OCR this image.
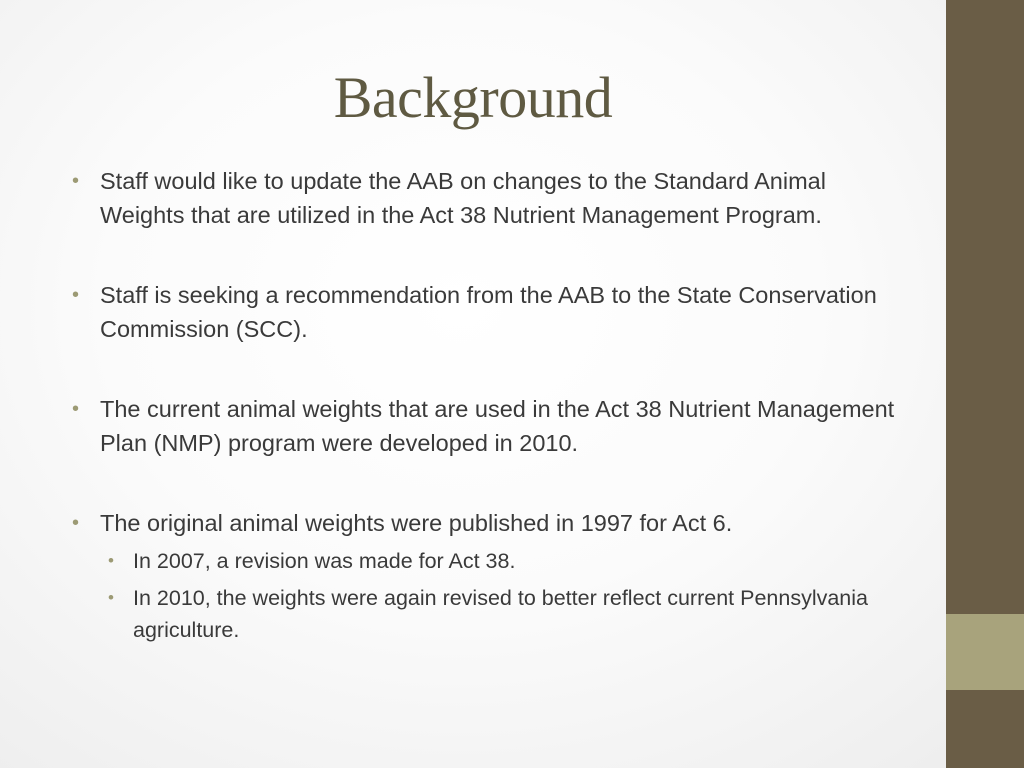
Background
• Staff would like to update the AAB on changes to the Standard Animal Weights that are utilized in the Act 38 Nutrient Management Program.
• Staff is seeking a recommendation from the AAB to the State Conservation Commission (SCC).
• The current animal weights that are used in the Act 38 Nutrient Management Plan (NMP) program were developed in 2010.
• The original animal weights were published in 1997 for Act 6.
• In 2007, a revision was made for Act 38.
• In 2010, the weights were again revised to better reflect current Pennsylvania agriculture.
